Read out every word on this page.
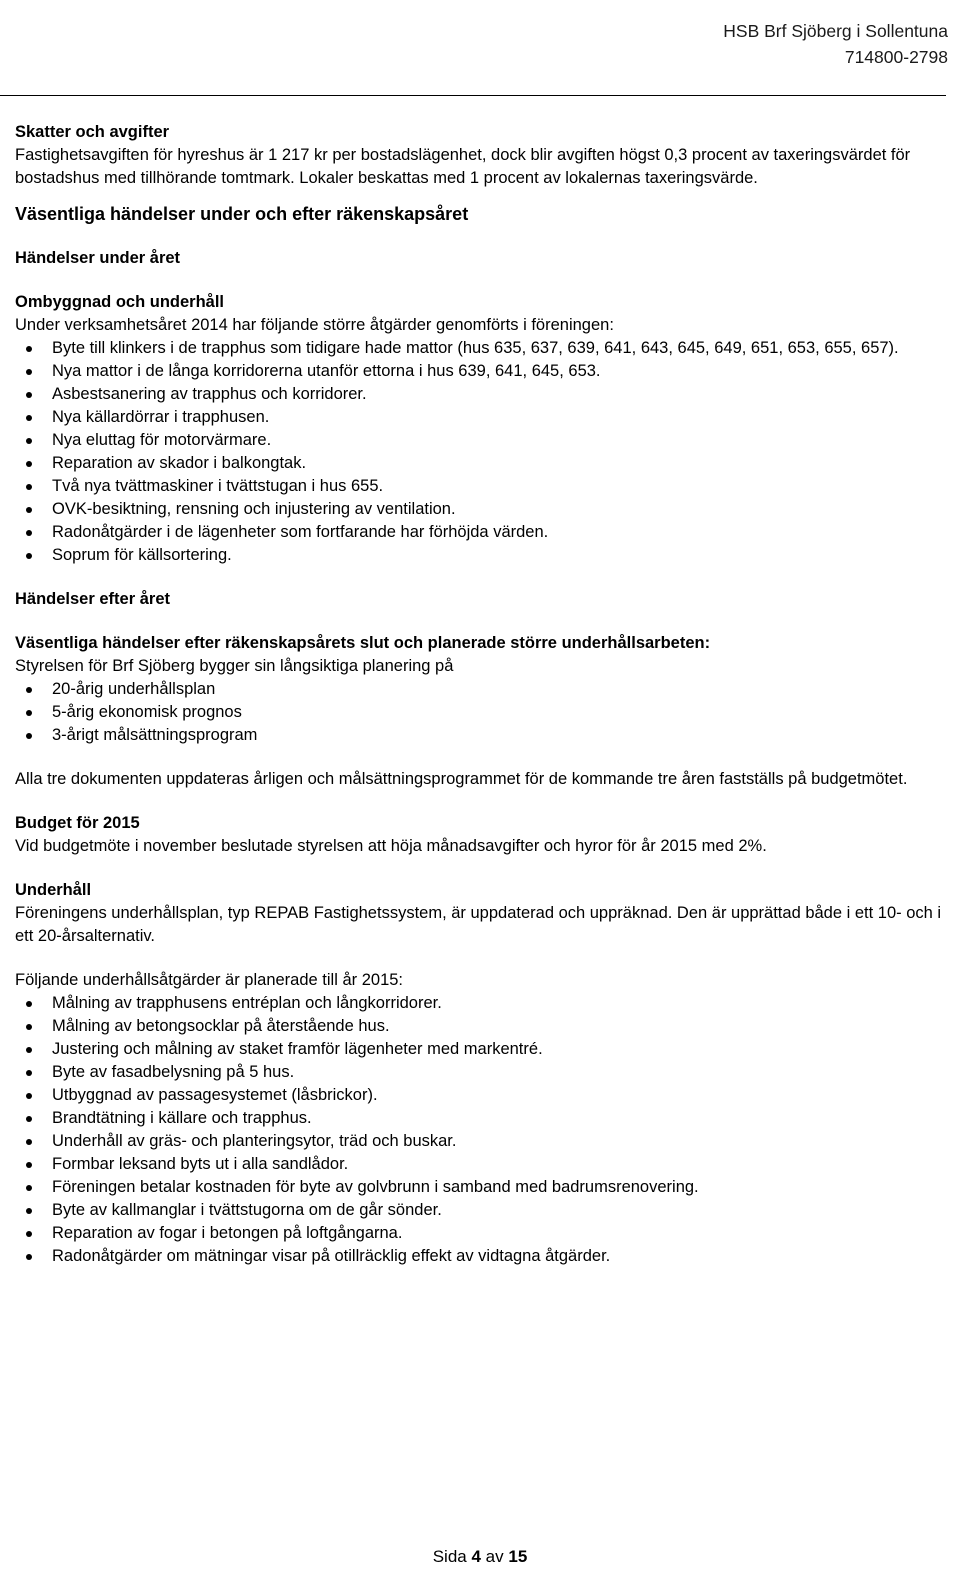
HSB Brf Sjöberg i Sollentuna
714800-2798

Skatter och avgifter

Fastighetsavgiften för hyreshus är 1 217 kr per bostadslägenhet, dock blir avgiften högst 0,3 procent av taxeringsvärdet för bostadshus med tillhörande tomtmark. Lokaler beskattas med 1 procent av lokalernas taxeringsvärde.

Väsentliga händelser under och efter räkenskapsåret

Händelser under året

Ombyggnad och underhåll

Under verksamhetsåret 2014 har följande större åtgärder genomförts i föreningen:

Byte till klinkers i de trapphus som tidigare hade mattor (hus 635, 637, 639, 641, 643, 645, 649, 651, 653, 655, 657).
Nya mattor i de långa korridorerna utanför ettorna i hus 639, 641, 645, 653.
Asbestsanering av trapphus och korridorer.
Nya källardörrar i trapphusen.
Nya eluttag för motorvärmare.
Reparation av skador i balkongtak.
Två nya tvättmaskiner i tvättstugan i hus 655.
OVK-besiktning, rensning och injustering av ventilation.
Radonåtgärder i de lägenheter som fortfarande har förhöjda värden.
Soprum för källsortering.

Händelser efter året

Väsentliga händelser efter räkenskapsårets slut och planerade större underhållsarbeten:

Styrelsen för Brf Sjöberg bygger sin långsiktiga planering på

20-årig underhållsplan
5-årig ekonomisk prognos
3-årigt målsättningsprogram

Alla tre dokumenten uppdateras årligen och målsättningsprogrammet för de kommande tre åren fastställs på budgetmötet.

Budget för 2015

Vid budgetmöte i november beslutade styrelsen att höja månadsavgifter och hyror för år 2015 med 2%.

Underhåll

Föreningens underhållsplan, typ REPAB Fastighetssystem, är uppdaterad och uppräknad. Den är upprättad både i ett 10- och i ett 20-årsalternativ.

Följande underhållsåtgärder är planerade till år 2015:

Målning av trapphusens entréplan och långkorridorer.
Målning av betongsocklar på återstående hus.
Justering och målning av staket framför lägenheter med markentré.
Byte av fasadbelysning på 5 hus.
Utbyggnad av passagesystemet (låsbrickor).
Brandtätning i källare och trapphus.
Underhåll av gräs- och planteringsytor, träd och buskar.
Formbar leksand byts ut i alla sandlådor.
Föreningen betalar kostnaden för byte av golvbrunn i samband med badrumsrenovering.
Byte av kallmanglar i tvättstugorna om de går sönder.
Reparation av fogar i betongen på loftgångarna.
Radonåtgärder om mätningar visar på otillräcklig effekt av vidtagna åtgärder.
Sida 4 av 15
